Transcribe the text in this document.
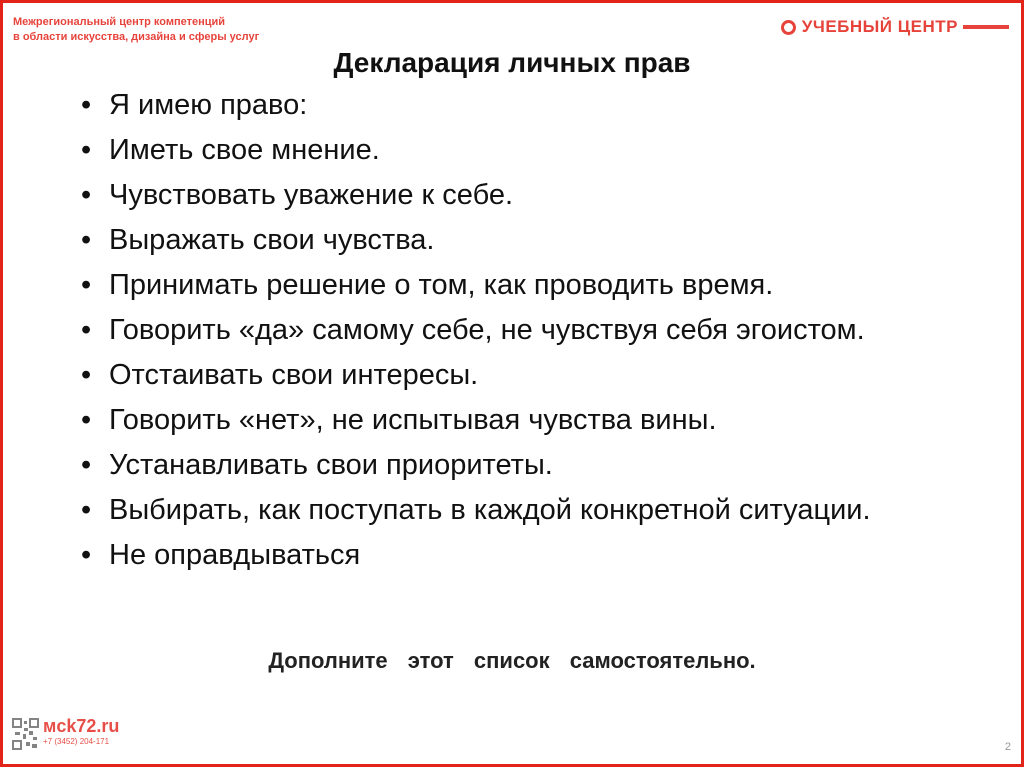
Межрегиональный центр компетенций
в области искусства, дизайна и сферы услуг
УЧЕБНЫЙ ЦЕНТР
Декларация личных прав
• Я имею право:
• Иметь свое мнение.
• Чувствовать уважение к себе.
• Выражать свои чувства.
• Принимать решение о том, как проводить время.
• Говорить «да» самому себе, не чувствуя себя эгоистом.
• Отстаивать свои интересы.
• Говорить «нет», не испытывая чувства вины.
• Устанавливать свои приоритеты.
• Выбирать, как поступать в каждой конкретной ситуации.
• Не оправдываться
Дополните этот список самостоятельно.
мck72.ru
+7 (3452) 204-171	2
